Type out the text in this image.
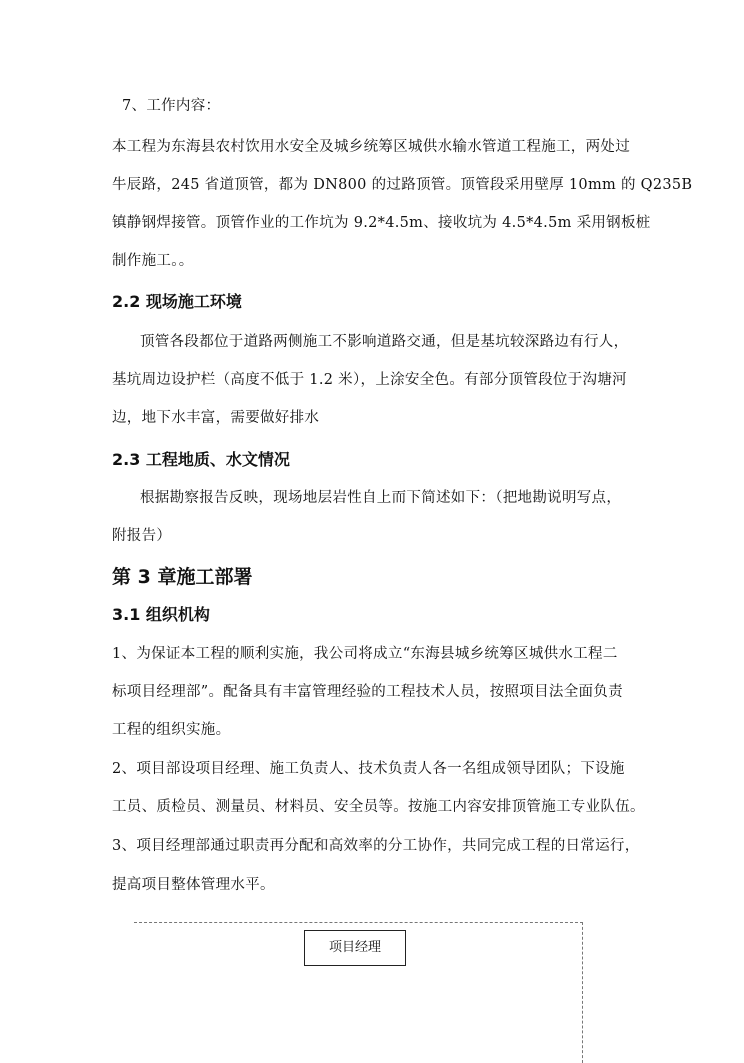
7、工作内容：
本工程为东海县农村饮用水安全及城乡统筹区城供水输水管道工程施工，两处过
牛辰路，245 省道顶管，都为 DN800 的过路顶管。顶管段采用壁厚 10mm 的 Q235B
镇静钢焊接管。顶管作业的工作坑为 9.2*4.5m、接收坑为 4.5*4.5m 采用钢板桩
制作施工。。
2.2 现场施工环境
顶管各段都位于道路两侧施工不影响道路交通，但是基坑较深路边有行人，
基坑周边设护栏（高度不低于 1.2 米），上涂安全色。有部分顶管段位于沟塘河
边，地下水丰富，需要做好排水
2.3 工程地质、水文情况
根据勘察报告反映，现场地层岩性自上而下简述如下：（把地勘说明写点，
附报告）
第 3 章施工部署
3.1 组织机构
1、为保证本工程的顺利实施，我公司将成立“东海县城乡统筹区城供水工程二
标项目经理部”。配备具有丰富管理经验的工程技术人员，按照项目法全面负责
工程的组织实施。
2、项目部设项目经理、施工负责人、技术负责人各一名组成领导团队；下设施
工员、质检员、测量员、材料员、安全员等。按施工内容安排顶管施工专业队伍。
3、项目经理部通过职责再分配和高效率的分工协作，共同完成工程的日常运行，
提高项目整体管理水平。
项目经理
